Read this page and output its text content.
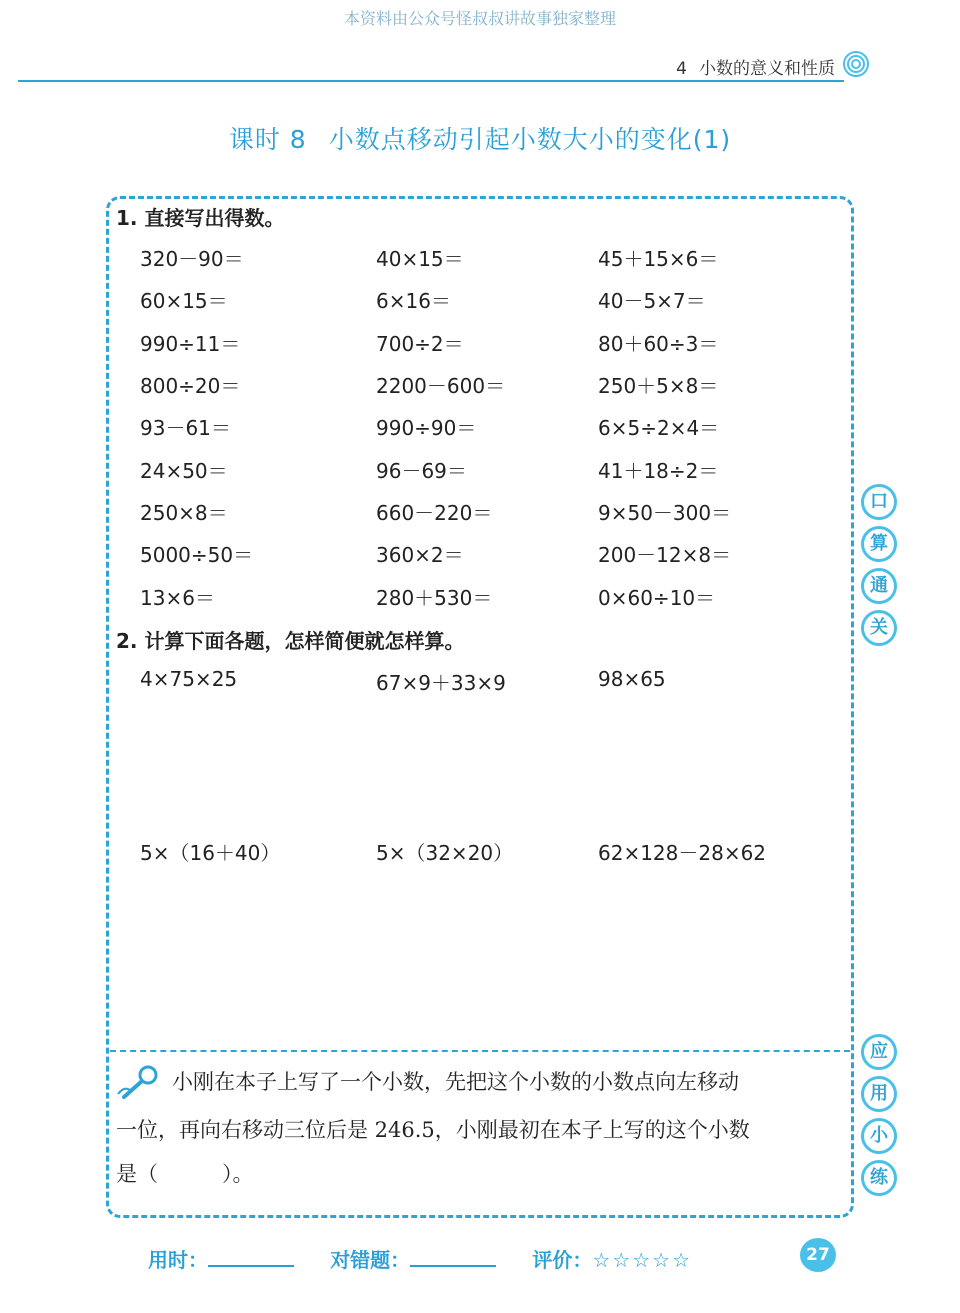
本资料由公众号怪叔叔讲故事独家整理
4 小数的意义和性质
课时 8 小数点移动引起小数大小的变化(1)
1. 直接写出得数。
320－90＝	40×15＝	45＋15×6＝
60×15＝	6×16＝	40－5×7＝
990÷11＝	700÷2＝	80＋60÷3＝
800÷20＝	2200－600＝	250＋5×8＝
93－61＝	990÷90＝	6×5÷2×4＝
24×50＝	96－69＝	41＋18÷2＝
250×8＝	660－220＝	9×50－300＝
5000÷50＝	360×2＝	200－12×8＝
13×6＝	280＋530＝	0×60÷10＝
2. 计算下面各题，怎样简便就怎样算。
4×75×25	67×9＋33×9	98×65
5×（16＋40）	5×（32×20）	62×128－28×62
口
算
通
关
应
用
小
练
小刚在本子上写了一个小数，先把这个小数的小数点向左移动
一位，再向右移动三位后是 246.5，小刚最初在本子上写的这个小数
是（	）。
用时：	对错题：	评价：☆☆☆☆☆	27
